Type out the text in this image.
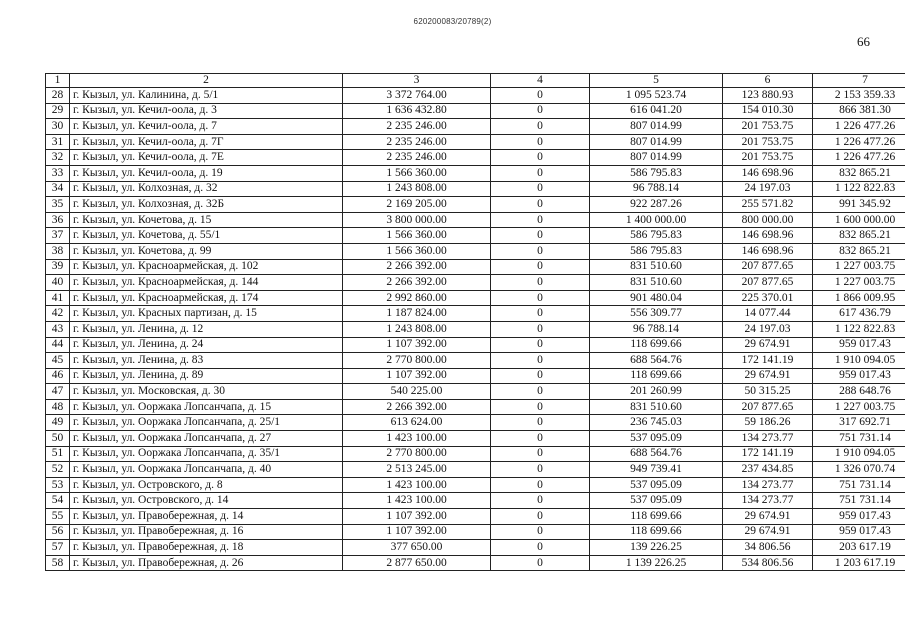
620200083/20789(2)
66
1	2	3	4	5	6	7
28	г. Кызыл, ул. Калинина, д. 5/1	3 372 764.00	0	1 095 523.74	123 880.93	2 153 359.33
29	г. Кызыл, ул. Кечил-оола, д. 3	1 636 432.80	0	616 041.20	154 010.30	866 381.30
30	г. Кызыл, ул. Кечил-оола, д. 7	2 235 246.00	0	807 014.99	201 753.75	1 226 477.26
31	г. Кызыл, ул. Кечил-оола, д. 7Г	2 235 246.00	0	807 014.99	201 753.75	1 226 477.26
32	г. Кызыл, ул. Кечил-оола, д. 7Е	2 235 246.00	0	807 014.99	201 753.75	1 226 477.26
33	г. Кызыл, ул. Кечил-оола, д. 19	1 566 360.00	0	586 795.83	146 698.96	832 865.21
34	г. Кызыл, ул. Колхозная, д. 32	1 243 808.00	0	96 788.14	24 197.03	1 122 822.83
35	г. Кызыл, ул. Колхозная, д. 32Б	2 169 205.00	0	922 287.26	255 571.82	991 345.92
36	г. Кызыл, ул. Кочетова, д. 15	3 800 000.00	0	1 400 000.00	800 000.00	1 600 000.00
37	г. Кызыл, ул. Кочетова, д. 55/1	1 566 360.00	0	586 795.83	146 698.96	832 865.21
38	г. Кызыл, ул. Кочетова, д. 99	1 566 360.00	0	586 795.83	146 698.96	832 865.21
39	г. Кызыл, ул. Красноармейская, д. 102	2 266 392.00	0	831 510.60	207 877.65	1 227 003.75
40	г. Кызыл, ул. Красноармейская, д. 144	2 266 392.00	0	831 510.60	207 877.65	1 227 003.75
41	г. Кызыл, ул. Красноармейская, д. 174	2 992 860.00	0	901 480.04	225 370.01	1 866 009.95
42	г. Кызыл, ул. Красных партизан, д. 15	1 187 824.00	0	556 309.77	14 077.44	617 436.79
43	г. Кызыл, ул. Ленина, д. 12	1 243 808.00	0	96 788.14	24 197.03	1 122 822.83
44	г. Кызыл, ул. Ленина, д. 24	1 107 392.00	0	118 699.66	29 674.91	959 017.43
45	г. Кызыл, ул. Ленина, д. 83	2 770 800.00	0	688 564.76	172 141.19	1 910 094.05
46	г. Кызыл, ул. Ленина, д. 89	1 107 392.00	0	118 699.66	29 674.91	959 017.43
47	г. Кызыл, ул. Московская, д. 30	540 225.00	0	201 260.99	50 315.25	288 648.76
48	г. Кызыл, ул. Ооржака Лопсанчапа, д. 15	2 266 392.00	0	831 510.60	207 877.65	1 227 003.75
49	г. Кызыл, ул. Ооржака Лопсанчапа, д. 25/1	613 624.00	0	236 745.03	59 186.26	317 692.71
50	г. Кызыл, ул. Ооржака Лопсанчапа, д. 27	1 423 100.00	0	537 095.09	134 273.77	751 731.14
51	г. Кызыл, ул. Ооржака Лопсанчапа, д. 35/1	2 770 800.00	0	688 564.76	172 141.19	1 910 094.05
52	г. Кызыл, ул. Ооржака Лопсанчапа, д. 40	2 513 245.00	0	949 739.41	237 434.85	1 326 070.74
53	г. Кызыл, ул. Островского, д. 8	1 423 100.00	0	537 095.09	134 273.77	751 731.14
54	г. Кызыл, ул. Островского, д. 14	1 423 100.00	0	537 095.09	134 273.77	751 731.14
55	г. Кызыл, ул. Правобережная, д. 14	1 107 392.00	0	118 699.66	29 674.91	959 017.43
56	г. Кызыл, ул. Правобережная, д. 16	1 107 392.00	0	118 699.66	29 674.91	959 017.43
57	г. Кызыл, ул. Правобережная, д. 18	377 650.00	0	139 226.25	34 806.56	203 617.19
58	г. Кызыл, ул. Правобережная, д. 26	2 877 650.00	0	1 139 226.25	534 806.56	1 203 617.19
